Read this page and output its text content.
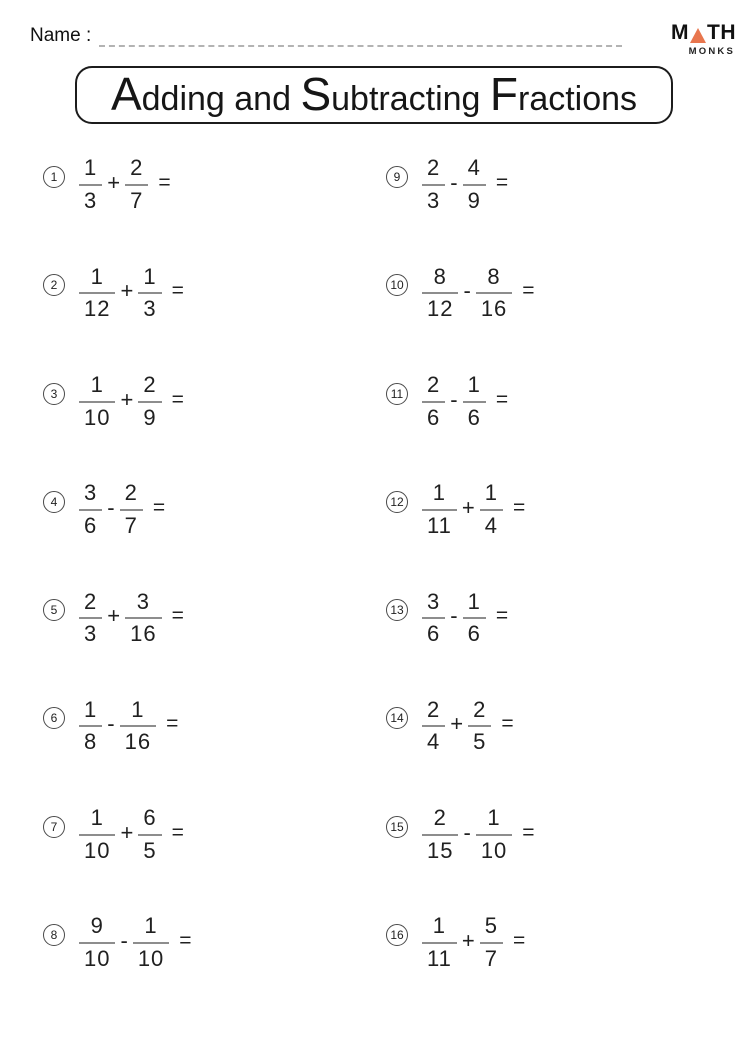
Name :	M TH
MONKS
Adding and Subtracting Fractions
$1 \frac{1}{3} + \frac{2}{7}$ =
$2 \frac{1}{12} + \frac{1}{3}$ =
$3 \frac{1}{10} + \frac{2}{9}$ =
$4 \frac{3}{6} - \frac{2}{7}$ =
$5 \frac{2}{3} + \frac{3}{16}$ =
$6 \frac{1}{8} - \frac{1}{16}$ =
$7 \frac{1}{10} + \frac{6}{5}$ =
$8 \frac{9}{10} - \frac{1}{10}$ =
$9 \frac{2}{3} - \frac{4}{9}$ =
$10 \frac{8}{12} - \frac{8}{16}$ =
$11 \frac{2}{6} - \frac{1}{6}$ =
$12 \frac{1}{11} + \frac{1}{4}$ =
$13 \frac{3}{6} - \frac{1}{6}$ =
$14 \frac{2}{4} + \frac{2}{5}$ =
$15 \frac{2}{15} - \frac{1}{10}$ =
$16 \frac{1}{11} + \frac{5}{7}$ =
